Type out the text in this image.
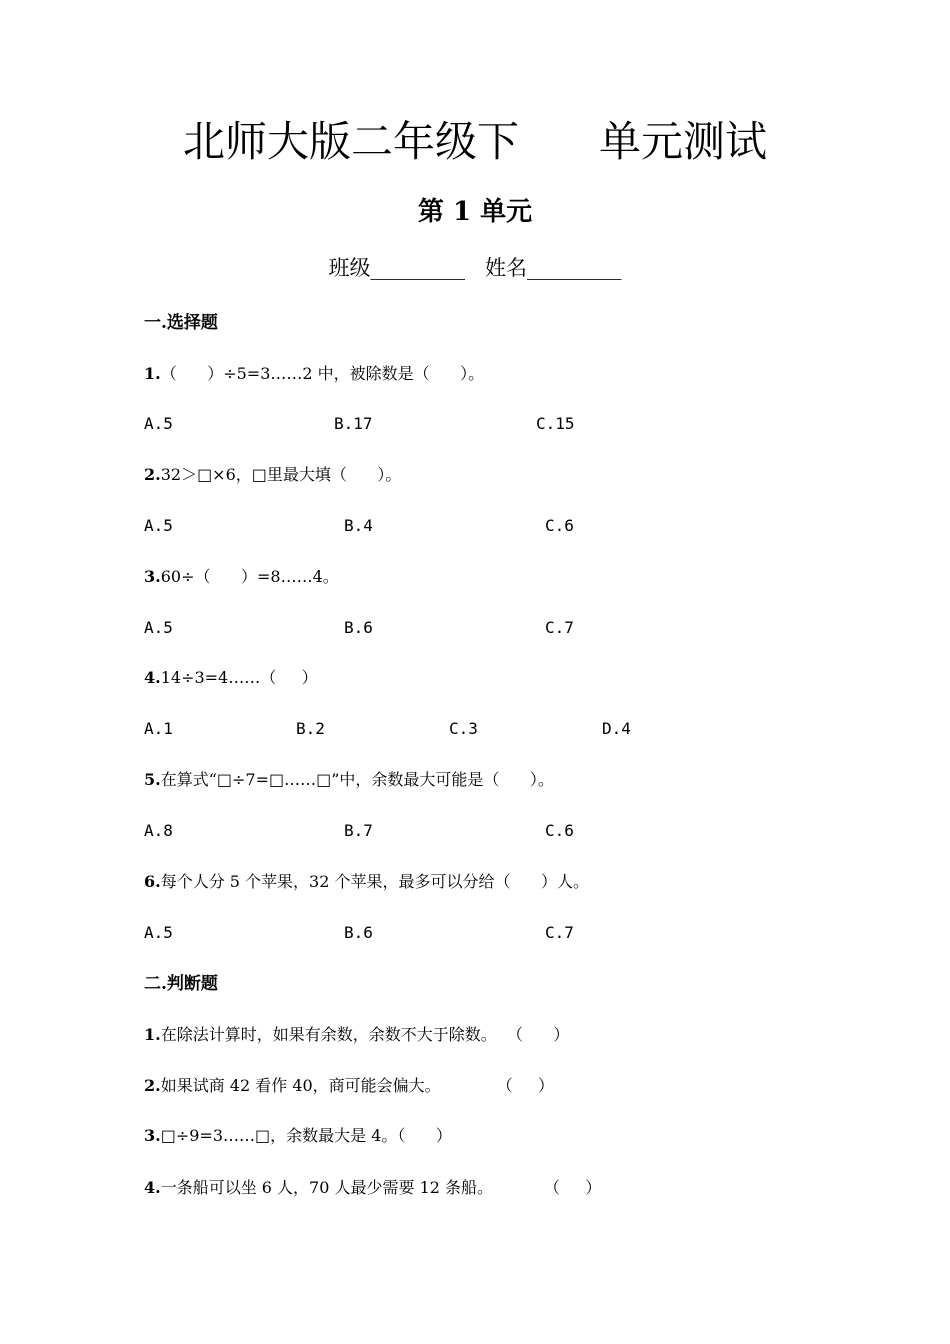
北师大版二年级下      单元测试
第 1 单元
班级_________ 姓名_________
一.选择题
1.（      ）÷5=3……2 中，被除数是（      ）。
A.5	B.17	C.15
2.32＞□×6，□里最大填（      ）。
A.5	B.4	C.6
3.60÷（      ）=8……4。
A.5	B.6	C.7
4.14÷3=4……（     ）
A.1	B.2	C.3	D.4
5.在算式“□÷7=□……□”中，余数最大可能是（      ）。
A.8	B.7	C.6
6.每个人分 5 个苹果，32 个苹果，最多可以分给（      ）人。
A.5	B.6	C.7
二.判断题
1.在除法计算时，如果有余数，余数不大于除数。  （      ）
2.如果试商 42 看作 40，商可能会偏大。           （     ）
3.□÷9=3……□，余数最大是 4。（      ）
4.一条船可以坐 6 人，70 人最少需要 12 条船。          （     ）
